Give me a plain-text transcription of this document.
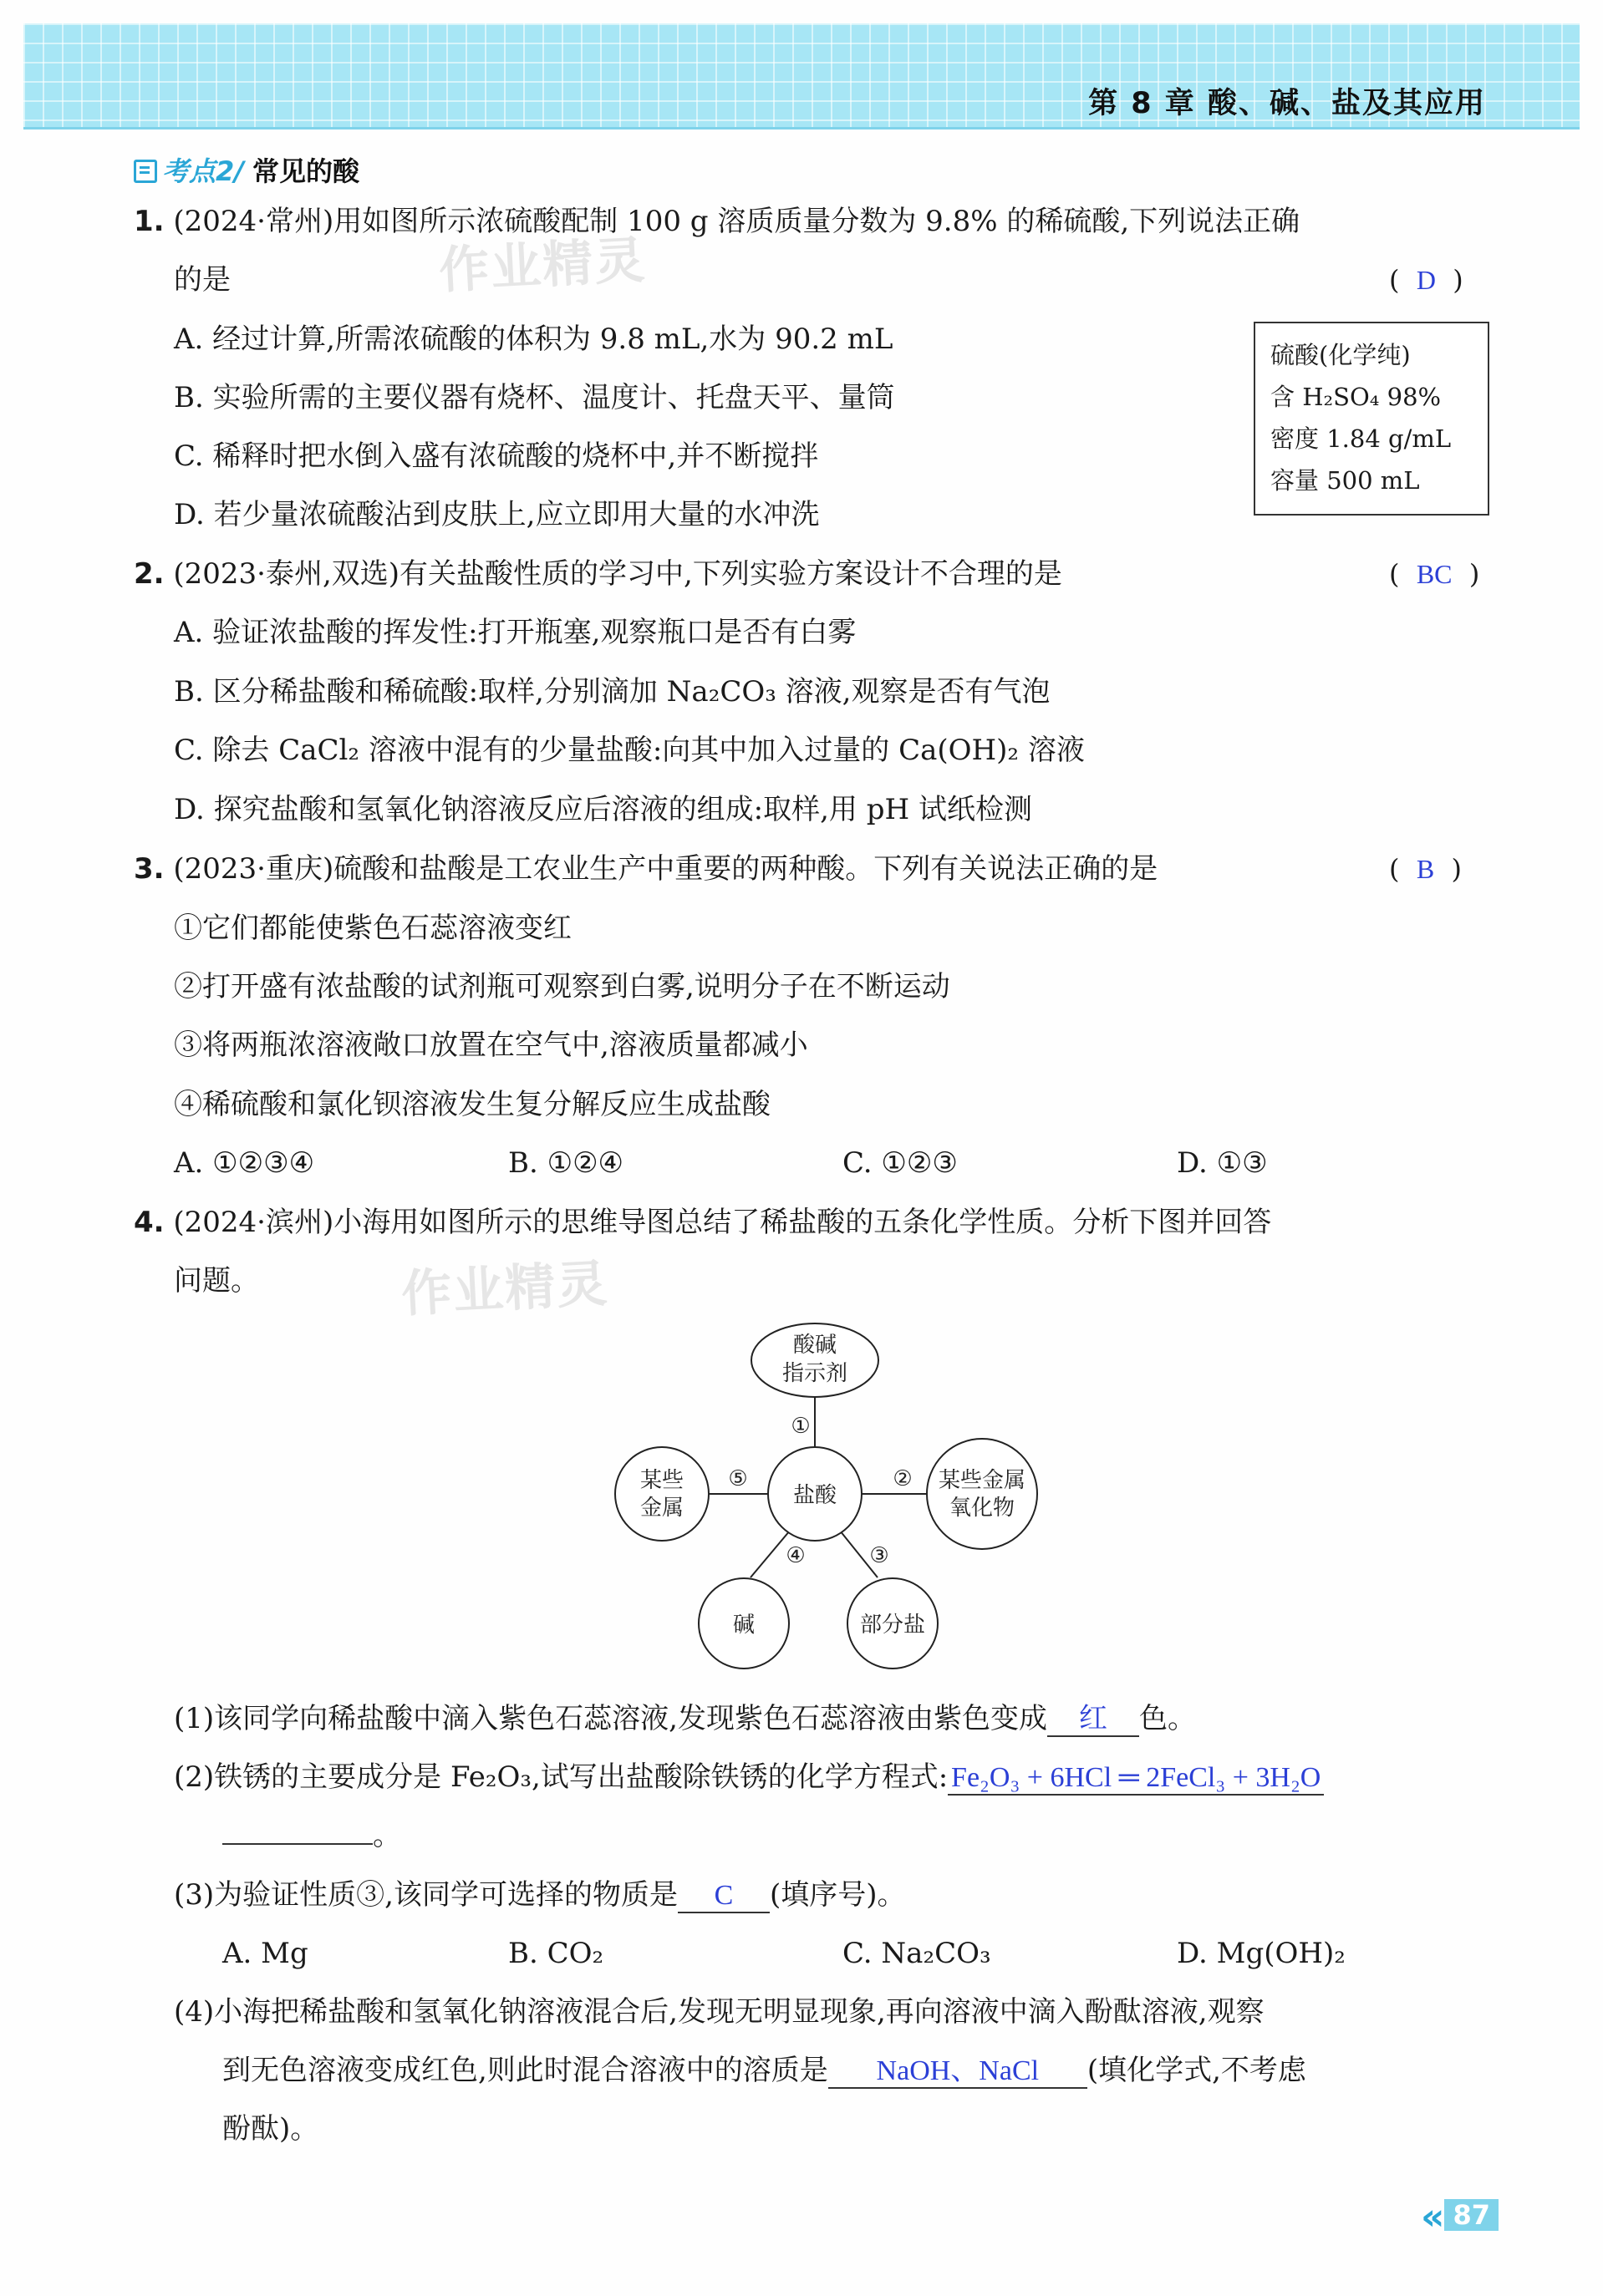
第 8 章 酸、碱、盐及其应用
考点2/ 常见的酸
作业精灵
作业精灵
1. (2024·常州)用如图所示浓硫酸配制 100 g 溶质质量分数为 9.8% 的稀硫酸,下列说法正确
的是	(  D  )
A. 经过计算,所需浓硫酸的体积为 9.8 mL,水为 90.2 mL
B. 实验所需的主要仪器有烧杯、温度计、托盘天平、量筒
C. 稀释时把水倒入盛有浓硫酸的烧杯中,并不断搅拌
D. 若少量浓硫酸沾到皮肤上,应立即用大量的水冲洗
硫酸(化学纯)
含 H₂SO₄ 98%
密度 1.84 g/mL
容量 500 mL
2. (2023·泰州,双选)有关盐酸性质的学习中,下列实验方案设计不合理的是	(  BC  )
A. 验证浓盐酸的挥发性:打开瓶塞,观察瓶口是否有白雾
B. 区分稀盐酸和稀硫酸:取样,分别滴加 Na₂CO₃ 溶液,观察是否有气泡
C. 除去 CaCl₂ 溶液中混有的少量盐酸:向其中加入过量的 Ca(OH)₂ 溶液
D. 探究盐酸和氢氧化钠溶液反应后溶液的组成:取样,用 pH 试纸检测
3. (2023·重庆)硫酸和盐酸是工农业生产中重要的两种酸。下列有关说法正确的是	(  B  )
①它们都能使紫色石蕊溶液变红
②打开盛有浓盐酸的试剂瓶可观察到白雾,说明分子在不断运动
③将两瓶浓溶液敞口放置在空气中,溶液质量都减小
④稀硫酸和氯化钡溶液发生复分解反应生成盐酸
A. ①②③④	B. ①②④	C. ①②③	D. ①③
4. (2024·滨州)小海用如图所示的思维导图总结了稀盐酸的五条化学性质。分析下图并回答
问题。
酸碱
指示剂
盐酸
某些金属
氧化物
某些
金属
碱	部分盐
①
②
③
④
⑤
(1)该同学向稀盐酸中滴入紫色石蕊溶液,发现紫色石蕊溶液由紫色变成 红 色。
(2)铁锈的主要成分是 Fe₂O₃,试写出盐酸除铁锈的化学方程式: Fe₂O₃ + 6HCl ═ 2FeCl₃ + 3H₂O
。
(3)为验证性质③,该同学可选择的物质是 C (填序号)。
A. Mg	B. CO₂	C. Na₂CO₃	D. Mg(OH)₂
(4)小海把稀盐酸和氢氧化钠溶液混合后,发现无明显现象,再向溶液中滴入酚酞溶液,观察
到无色溶液变成红色,则此时混合溶液中的溶质是 NaOH、NaCl (填化学式,不考虑
酚酞)。
« 87
